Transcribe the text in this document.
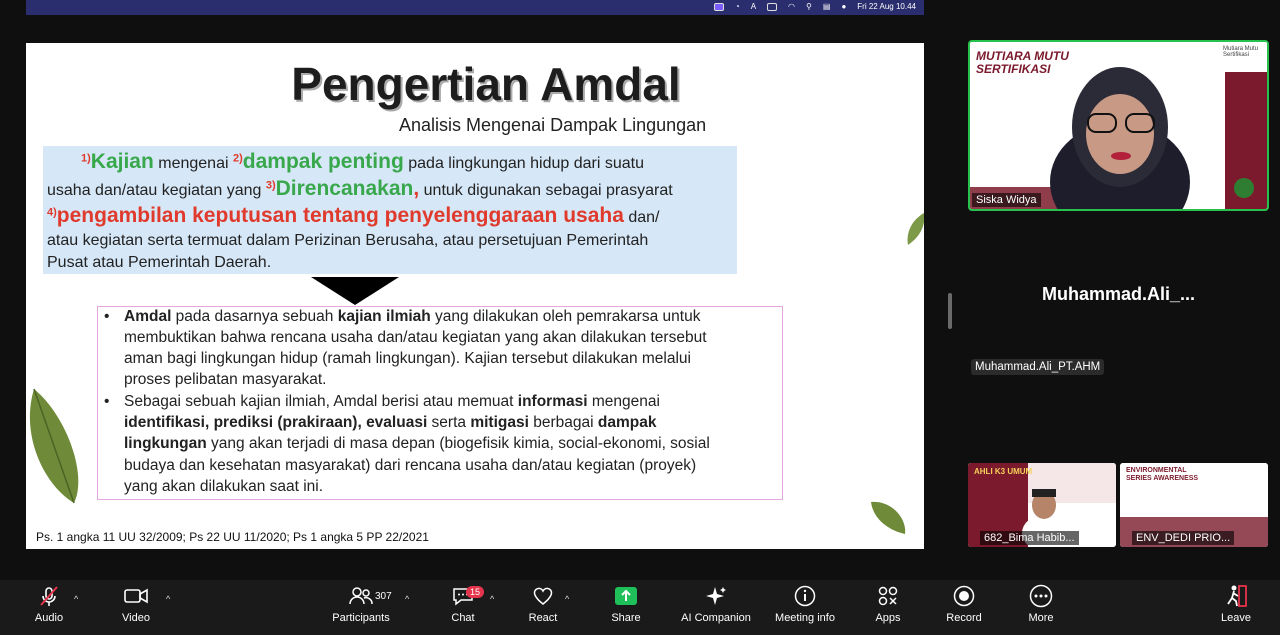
◔ A	◠ ⚲ ▤ ● Fri 22 Aug 10.44
Pengertian Amdal
Analisis Mengenai Dampak Lingungan
$^{1)}$Kajian mengenai $^{2)}$dampak penting pada lingkungan hidup dari suatu
usaha dan/atau kegiatan yang $^{3)}$Direncanakan, untuk digunakan sebagai prasyarat
$^{4)}$pengambilan keputusan tentang penyelenggaraan usaha dan/
atau kegiatan serta termuat dalam Perizinan Berusaha, atau persetujuan Pemerintah
Pusat atau Pemerintah Daerah.
• Amdal pada dasarnya sebuah kajian ilmiah yang dilakukan oleh pemrakarsa untuk
membuktikan bahwa rencana usaha dan/atau kegiatan yang akan dilakukan tersebut
aman bagi lingkungan hidup (ramah lingkungan). Kajian tersebut dilakukan melalui
proses pelibatan masyarakat.
• Sebagai sebuah kajian ilmiah, Amdal berisi atau memuat informasi mengenai
identifikasi, prediksi (prakiraan), evaluasi serta mitigasi berbagai dampak
lingkungan yang akan terjadi di masa depan (biogefisik kimia, social-ekonomi, sosial
budaya dan kesehatan masyarakat) dari rencana usaha dan/atau kegiatan (proyek)
yang akan dilakukan saat ini.
Ps. 1 angka 11 UU 32/2009; Ps 22 UU 11/2020; Ps 1 angka 5 PP 22/2021
MUTIARA MUTU
SERTIFIKASI
Mutiara Mutu Sertifikasi
Siska Widya
Muhammad.Ali_...
Muhammad.Ali_PT.AHM
AHLI K3 UMUM
682_Bima Habib...
ENVIRONMENTAL SERIES AWARENESS
ENV_DEDI PRIO...
Audio
^
Video
^
Participants
307 ^
Chat
15
^
React
^
Share	AI Companion Meeting info	Apps	Record	More	Leave
